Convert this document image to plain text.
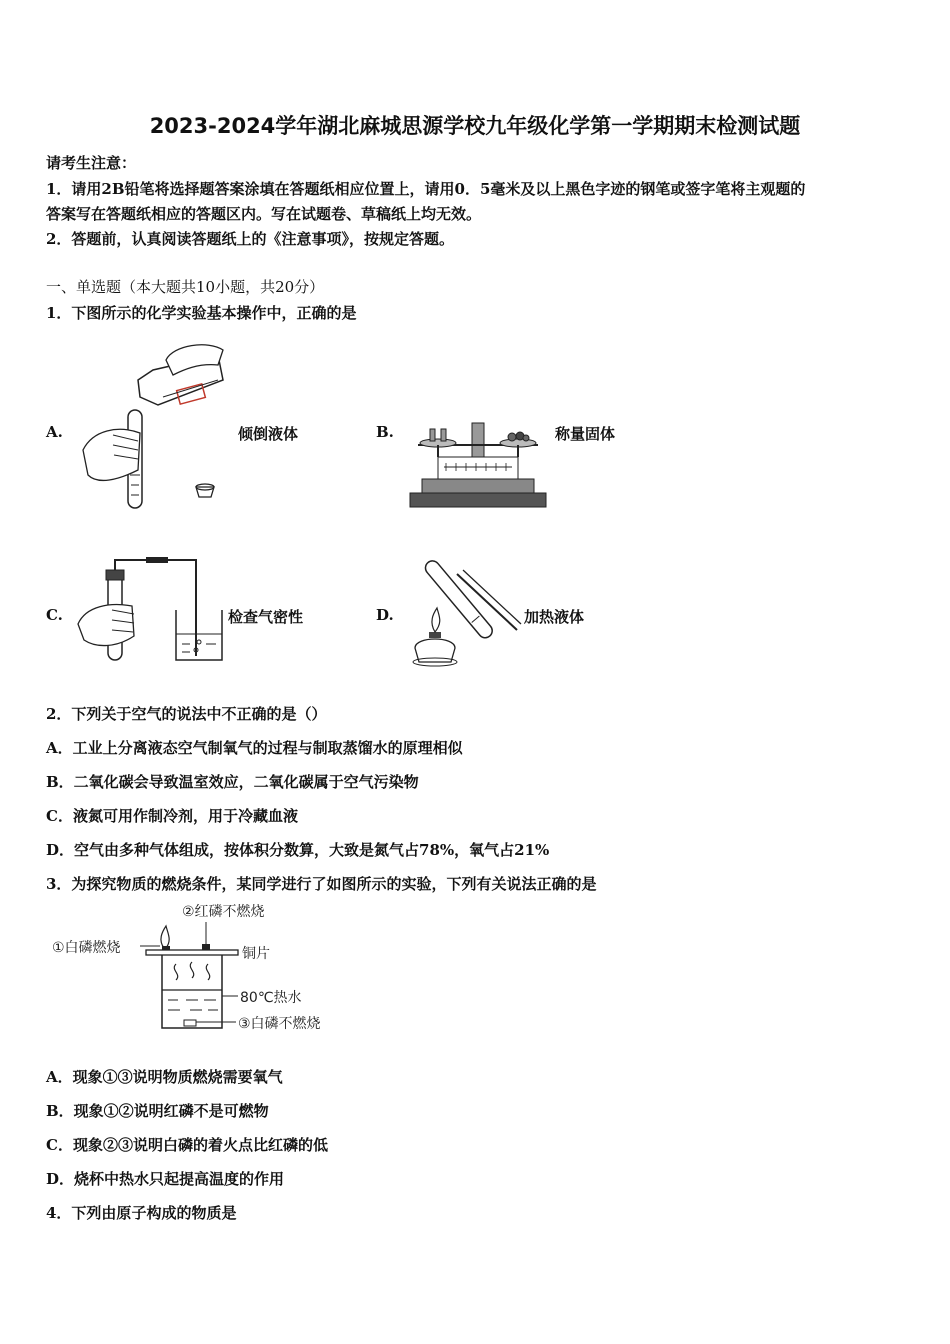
2023-2024学年湖北麻城思源学校九年级化学第一学期期末检测试题
请考生注意：
1．请用2B铅笔将选择题答案涂填在答题纸相应位置上，请用0．5毫米及以上黑色字迹的钢笔或签字笔将主观题的
答案写在答题纸相应的答题区内。写在试题卷、草稿纸上均无效。
2．答题前，认真阅读答题纸上的《注意事项》，按规定答题。
一、单选题（本大题共10小题，共20分）
1．下图所示的化学实验基本操作中，正确的是
A.	倾倒液体	B.	称量固体
C.	检查气密性	D.	加热液体
2．下列关于空气的说法中不正确的是（）
A．工业上分离液态空气制氧气的过程与制取蒸馏水的原理相似
B．二氧化碳会导致温室效应，二氧化碳属于空气污染物
C．液氮可用作制冷剂，用于冷藏血液
D．空气由多种气体组成，按体积分数算，大致是氮气占78%，氧气占21%
3．为探究物质的燃烧条件，某同学进行了如图所示的实验，下列有关说法正确的是
②红磷不燃烧
①白磷燃烧	铜片
80℃热水
③白磷不燃烧
A．现象①③说明物质燃烧需要氧气
B．现象①②说明红磷不是可燃物
C．现象②③说明白磷的着火点比红磷的低
D．烧杯中热水只起提高温度的作用
4．下列由原子构成的物质是
